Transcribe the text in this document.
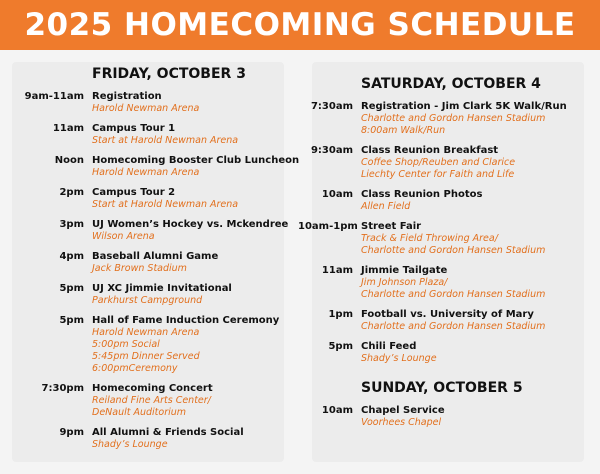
2025 HOMECOMING SCHEDULE
FRIDAY, OCTOBER 3
9am-11am Registration
Harold Newman Arena
11am Campus Tour 1
Start at Harold Newman Arena
Noon Homecoming Booster Club Luncheon
Harold Newman Arena
2pm Campus Tour 2
Start at Harold Newman Arena
3pm UJ Women’s Hockey vs. Mckendree
Wilson Arena
4pm Baseball Alumni Game
Jack Brown Stadium
5pm UJ XC Jimmie Invitational
Parkhurst Campground
5pm Hall of Fame Induction Ceremony
Harold Newman Arena
5:00pm Social
5:45pm Dinner Served
6:00pmCeremony
7:30pm Homecoming Concert
Reiland Fine Arts Center/
DeNault Auditorium
9pm All Alumni & Friends Social
Shady’s Lounge
SATURDAY, OCTOBER 4
7:30am Registration - Jim Clark 5K Walk/Run
Charlotte and Gordon Hansen Stadium
8:00am Walk/Run
9:30am Class Reunion Breakfast
Coffee Shop/Reuben and Clarice
Liechty Center for Faith and Life
10am Class Reunion Photos
Allen Field
10am-1pm Street Fair
Track & Field Throwing Area/
Charlotte and Gordon Hansen Stadium
11am Jimmie Tailgate
Jim Johnson Plaza/
Charlotte and Gordon Hansen Stadium
1pm Football vs. University of Mary
Charlotte and Gordon Hansen Stadium
5pm Chili Feed
Shady’s Lounge
SUNDAY, OCTOBER 5
10am Chapel Service
Voorhees Chapel
